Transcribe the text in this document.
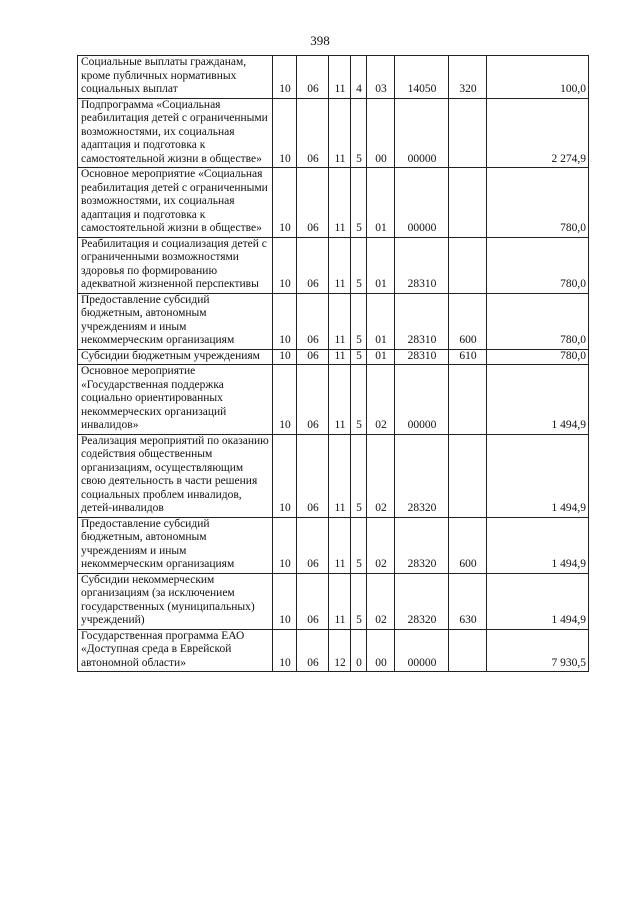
398
Социальные выплаты гражданам, кроме публичных нормативных социальных выплат	10	06	11	4	03	14050	320	100,0
Подпрограмма «Социальная реабилитация детей с ограниченными возможностями, их социальная адаптация и подготовка к самостоятельной жизни в обществе»	10	06	11	5	00	00000		2 274,9
Основное мероприятие «Социальная реабилитация детей с ограниченными возможностями, их социальная адаптация и подготовка к самостоятельной жизни в обществе»	10	06	11	5	01	00000		780,0
Реабилитация и социализация детей с ограниченными возможностями здоровья по формированию адекватной жизненной перспективы	10	06	11	5	01	28310		780,0
Предоставление субсидий бюджетным, автономным учреждениям и иным некоммерческим организациям	10	06	11	5	01	28310	600	780,0
Субсидии бюджетным учреждениям	10	06	11	5	01	28310	610	780,0
Основное мероприятие «Государственная поддержка социально ориентированных некоммерческих организаций инвалидов»	10	06	11	5	02	00000		1 494,9
Реализация мероприятий по оказанию содействия общественным организациям, осуществляющим свою деятельность в части решения социальных проблем инвалидов, детей-инвалидов	10	06	11	5	02	28320		1 494,9
Предоставление субсидий бюджетным, автономным учреждениям и иным некоммерческим организациям	10	06	11	5	02	28320	600	1 494,9
Субсидии некоммерческим организациям (за исключением государственных (муниципальных) учреждений)	10	06	11	5	02	28320	630	1 494,9
Государственная программа ЕАО «Доступная среда в Еврейской автономной области»	10	06	12	0	00	00000		7 930,5
